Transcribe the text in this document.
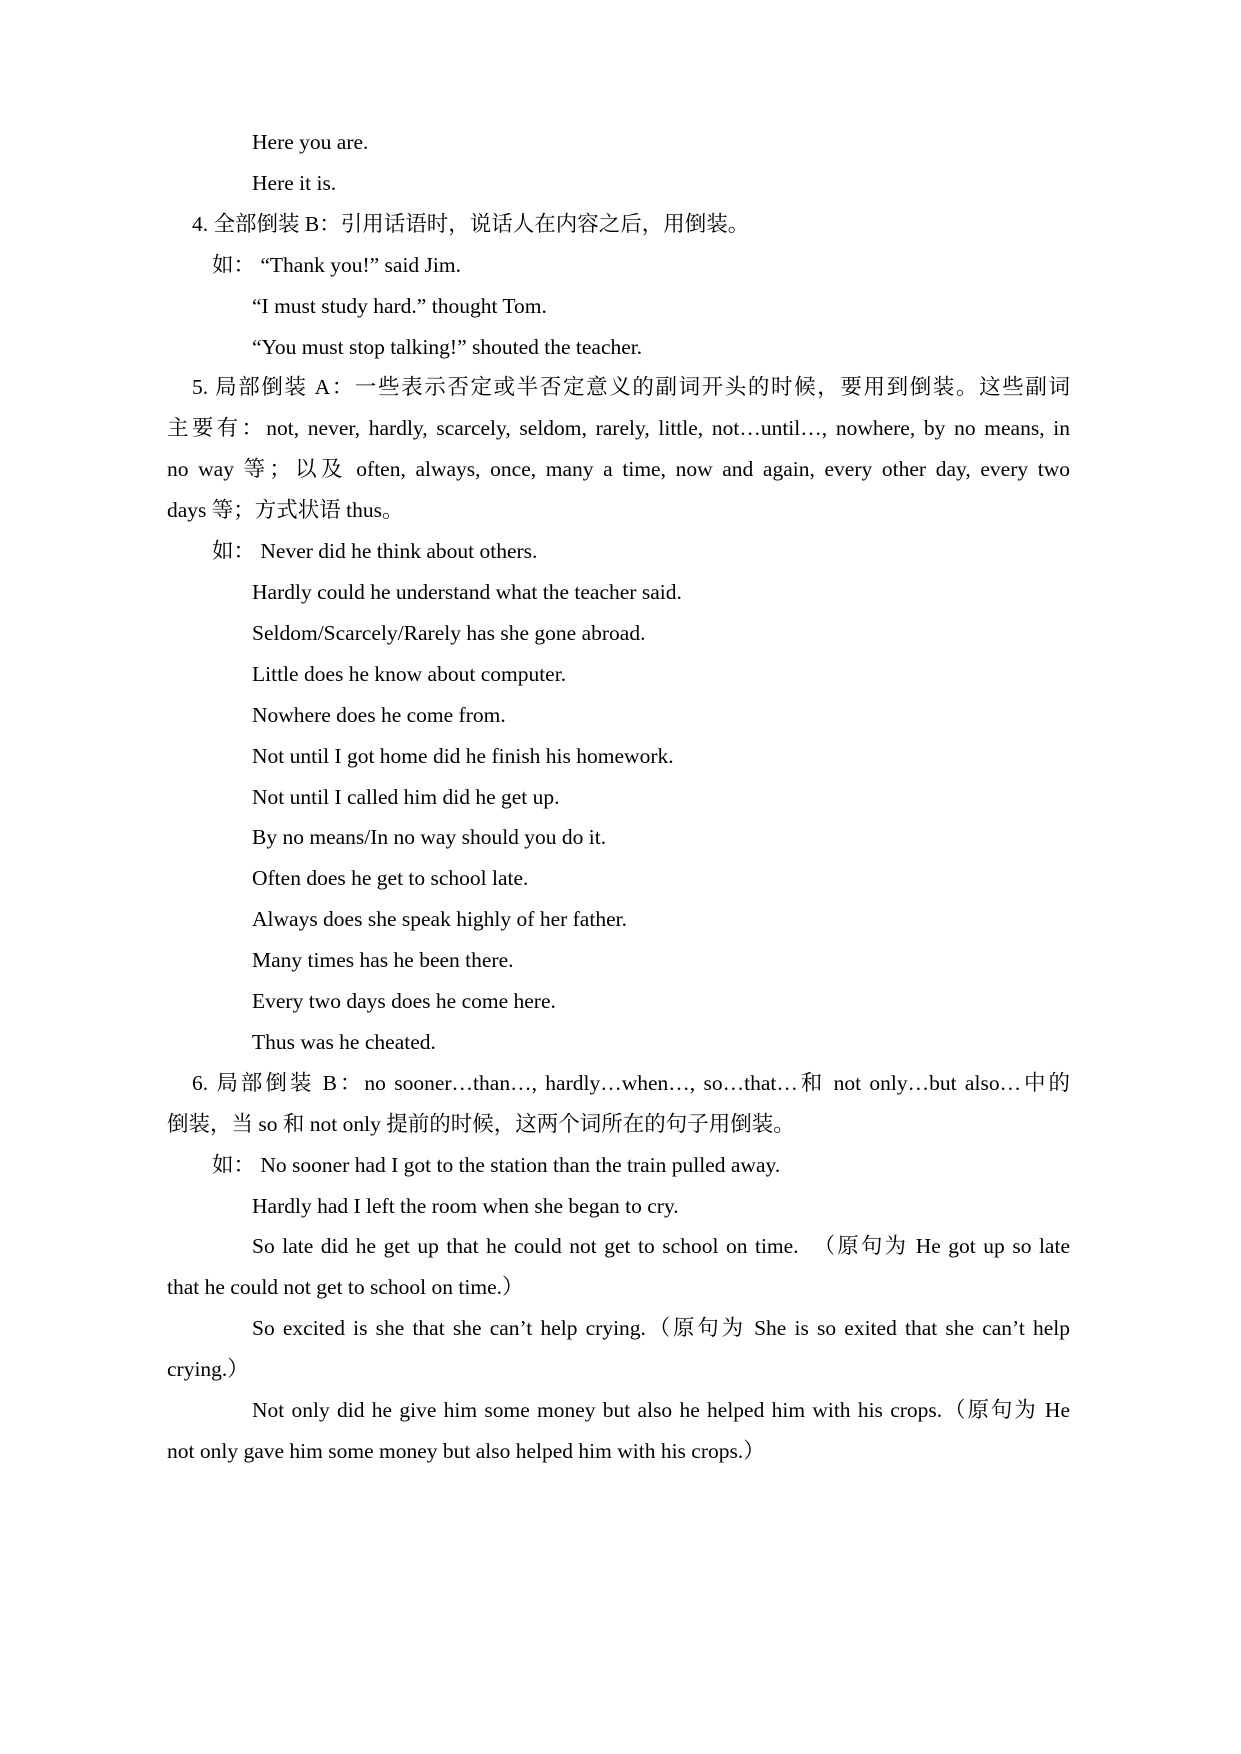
Here you are.
Here it is.
4. 全部倒装 B：引用话语时，说话人在内容之后，用倒装。
如： “Thank you!” said Jim.
“I must study hard.” thought Tom.
“You must stop talking!” shouted the teacher.
5. 局部倒装 A：一些表示否定或半否定意义的副词开头的时候，要用到倒装。这些副词
主要有：not, never, hardly, scarcely, seldom, rarely, little, not…until…, nowhere, by no means, in
no way 等；以及 often, always, once, many a time, now and again, every other day, every two
days 等；方式状语 thus。
如： Never did he think about others.
Hardly could he understand what the teacher said.
Seldom/Scarcely/Rarely has she gone abroad.
Little does he know about computer.
Nowhere does he come from.
Not until I got home did he finish his homework.
Not until I called him did he get up.
By no means/In no way should you do it.
Often does he get to school late.
Always does she speak highly of her father.
Many times has he been there.
Every two days does he come here.
Thus was he cheated.
6. 局部倒装 B：no sooner…than…, hardly…when…, so…that…和 not only…but also…中的
倒装，当 so 和 not only 提前的时候，这两个词所在的句子用倒装。
如： No sooner had I got to the station than the train pulled away.
Hardly had I left the room when she began to cry.
So late did he get up that he could not get to school on time.  （原句为 He got up so late
that he could not get to school on time.）
So excited is she that she can’t help crying.（原句为 She is so exited that she can’t help
crying.）
Not only did he give him some money but also he helped him with his crops.（原句为 He
not only gave him some money but also helped him with his crops.）
